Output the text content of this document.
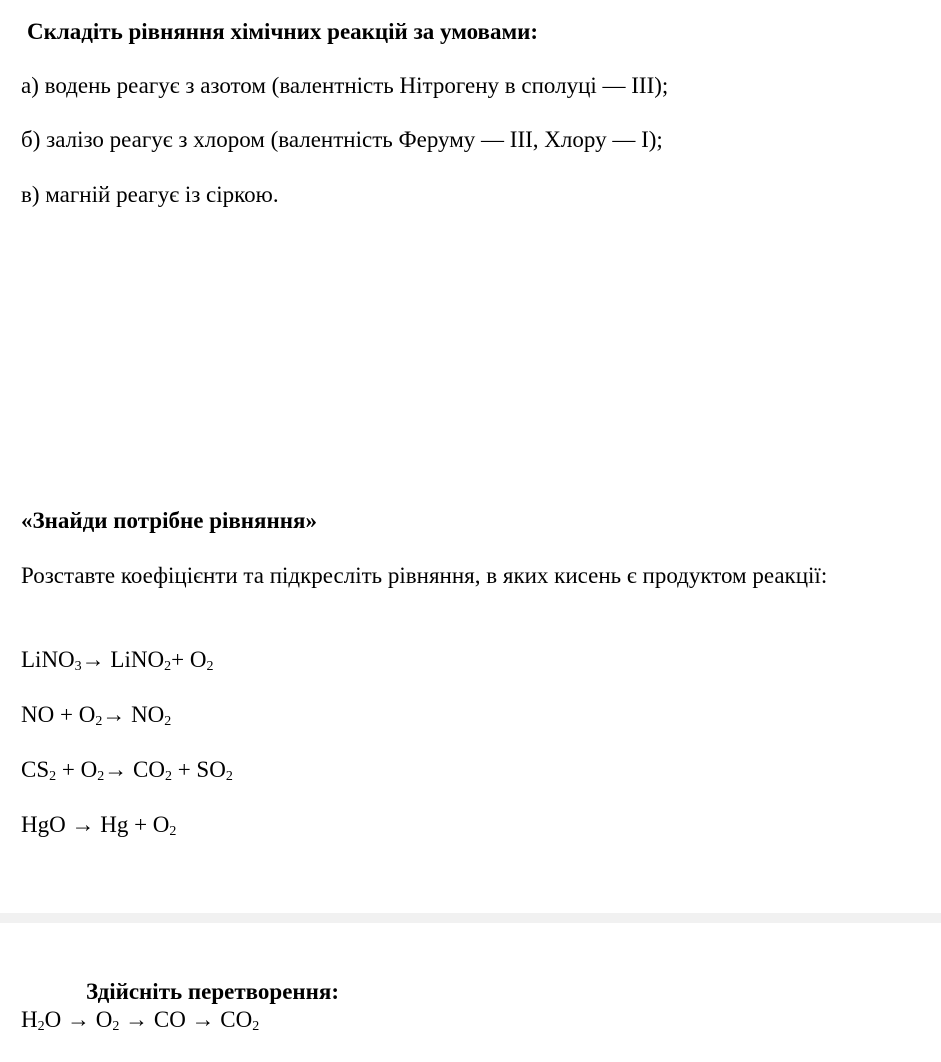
Складіть рівняння хімічних реакцій за умовами:
а) водень реагує з азотом (валентність Нітрогену в сполуці — ІІІ);
б) залізо реагує з хлором (валентність Феруму — ІІІ, Хлору — І);
в) магній реагує із сіркою.
«Знайди потрібне рівняння»
Розставте коефіцієнти та підкресліть рівняння, в яких кисень є продуктом реакції:
LiNO$_3$→ LiNO$_2$+ $O_2$
NO + $O_2\to NO_2$
$CS_2 + O_2\to CO_2 + SO_2$
HgO → $Hg + O_2$
Здійсніть перетворення:
$H_2O \to O_2$ → CO → $CO_2$
